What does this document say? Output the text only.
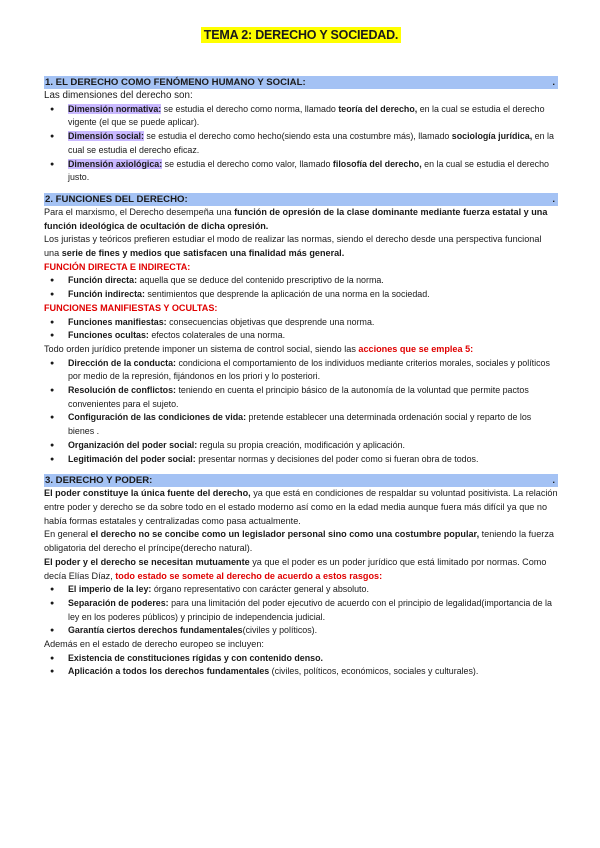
TEMA 2: DERECHO Y SOCIEDAD.
1. EL DERECHO COMO FENÓMENO HUMANO Y SOCIAL:	.
Las dimensiones del derecho son:
● Dimensión normativa: se estudia el derecho como norma, llamado teoría del derecho, en la cual se estudia el derecho vigente (el que se puede aplicar).
● Dimensión social: se estudia el derecho como hecho(siendo esta una costumbre más), llamado sociología jurídica, en la cual se estudia el derecho eficaz.
● Dimensión axiológica: se estudia el derecho como valor, llamado filosofía del derecho, en la cual se estudia el derecho justo.
2. FUNCIONES DEL DERECHO:	.
Para el marxismo, el Derecho desempeña una función de opresión de la clase dominante mediante fuerza estatal y una función ideológica de ocultación de dicha opresión.
Los juristas y teóricos prefieren estudiar el modo de realizar las normas, siendo el derecho desde una perspectiva funcional una serie de fines y medios que satisfacen una finalidad más general.
FUNCIÓN DIRECTA E INDIRECTA:
● Función directa: aquella que se deduce del contenido prescriptivo de la norma.
● Función indirecta: sentimientos que desprende la aplicación de una norma en la sociedad.
FUNCIONES MANIFIESTAS Y OCULTAS:
● Funciones manifiestas: consecuencias objetivas que desprende una norma.
● Funciones ocultas: efectos colaterales de una norma.
Todo orden jurídico pretende imponer un sistema de control social, siendo las acciones que se emplea 5:
● Dirección de la conducta: condiciona el comportamiento de los individuos mediante criterios morales, sociales y políticos por medio de la represión, fijándonos en los priori y lo posteriori.
● Resolución de conflictos: teniendo en cuenta el principio básico de la autonomía de la voluntad que permite pactos convenientes para el sujeto.
● Configuración de las condiciones de vida: pretende establecer una determinada ordenación social y reparto de los bienes .
● Organización del poder social: regula su propia creación, modificación y aplicación.
● Legitimación del poder social: presentar normas y decisiones del poder como si fueran obra de todos.
3. DERECHO Y PODER:	.
El poder constituye la única fuente del derecho, ya que está en condiciones de respaldar su voluntad positivista. La relación entre poder y derecho se da sobre todo en el estado moderno así como en la edad media aunque fuera más difícil ya que no había formas estatales y centralizadas como pasa actualmente.
En general el derecho no se concibe como un legislador personal sino como una costumbre popular, teniendo la fuerza obligatoria del derecho el príncipe(derecho natural).
El poder y el derecho se necesitan mutuamente ya que el poder es un poder jurídico que está limitado por normas. Como decía Elías Díaz, todo estado se somete al derecho de acuerdo a estos rasgos:
● El imperio de la ley: órgano representativo con carácter general y absoluto.
● Separación de poderes: para una limitación del poder ejecutivo de acuerdo con el principio de legalidad(importancia de la ley en los poderes públicos) y principio de independencia judicial.
● Garantía ciertos derechos fundamentales(civiles y políticos).
Además en el estado de derecho europeo se incluyen:
● Existencia de constituciones rígidas y con contenido denso.
● Aplicación a todos los derechos fundamentales (civiles, políticos, económicos, sociales y culturales).
